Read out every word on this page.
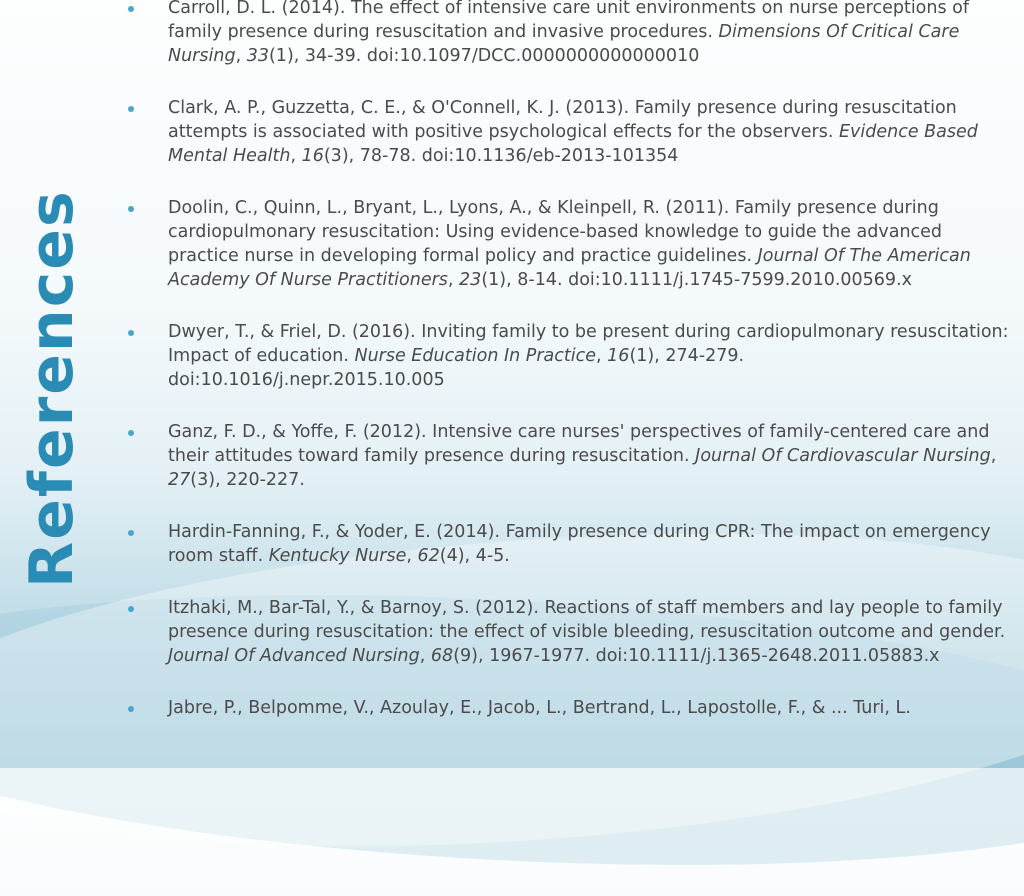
References
Carroll, D. L. (2014). The effect of intensive care unit environments on nurse perceptions of family presence during resuscitation and invasive procedures. Dimensions Of Critical Care Nursing, 33(1), 34-39. doi:10.1097/DCC.0000000000000010
Clark, A. P., Guzzetta, C. E., & O'Connell, K. J. (2013). Family presence during resuscitation attempts is associated with positive psychological effects for the observers. Evidence Based Mental Health, 16(3), 78-78. doi:10.1136/eb-2013-101354
Doolin, C., Quinn, L., Bryant, L., Lyons, A., & Kleinpell, R. (2011). Family presence during cardiopulmonary resuscitation: Using evidence-based knowledge to guide the advanced practice nurse in developing formal policy and practice guidelines. Journal Of The American Academy Of Nurse Practitioners, 23(1), 8-14. doi:10.1111/j.1745-7599.2010.00569.x
Dwyer, T., & Friel, D. (2016). Inviting family to be present during cardiopulmonary resuscitation: Impact of education. Nurse Education In Practice, 16(1), 274-279. doi:10.1016/j.nepr.2015.10.005
Ganz, F. D., & Yoffe, F. (2012). Intensive care nurses' perspectives of family-centered care and their attitudes toward family presence during resuscitation. Journal Of Cardiovascular Nursing, 27(3), 220-227.
Hardin-Fanning, F., & Yoder, E. (2014). Family presence during CPR: The impact on emergency room staff. Kentucky Nurse, 62(4), 4-5.
Itzhaki, M., Bar-Tal, Y., & Barnoy, S. (2012). Reactions of staff members and lay people to family presence during resuscitation: the effect of visible bleeding, resuscitation outcome and gender. Journal Of Advanced Nursing, 68(9), 1967-1977. doi:10.1111/j.1365-2648.2011.05883.x
Jabre, P., Belpomme, V., Azoulay, E., Jacob, L., Bertrand, L., Lapostolle, F., & ... Turi, L.
